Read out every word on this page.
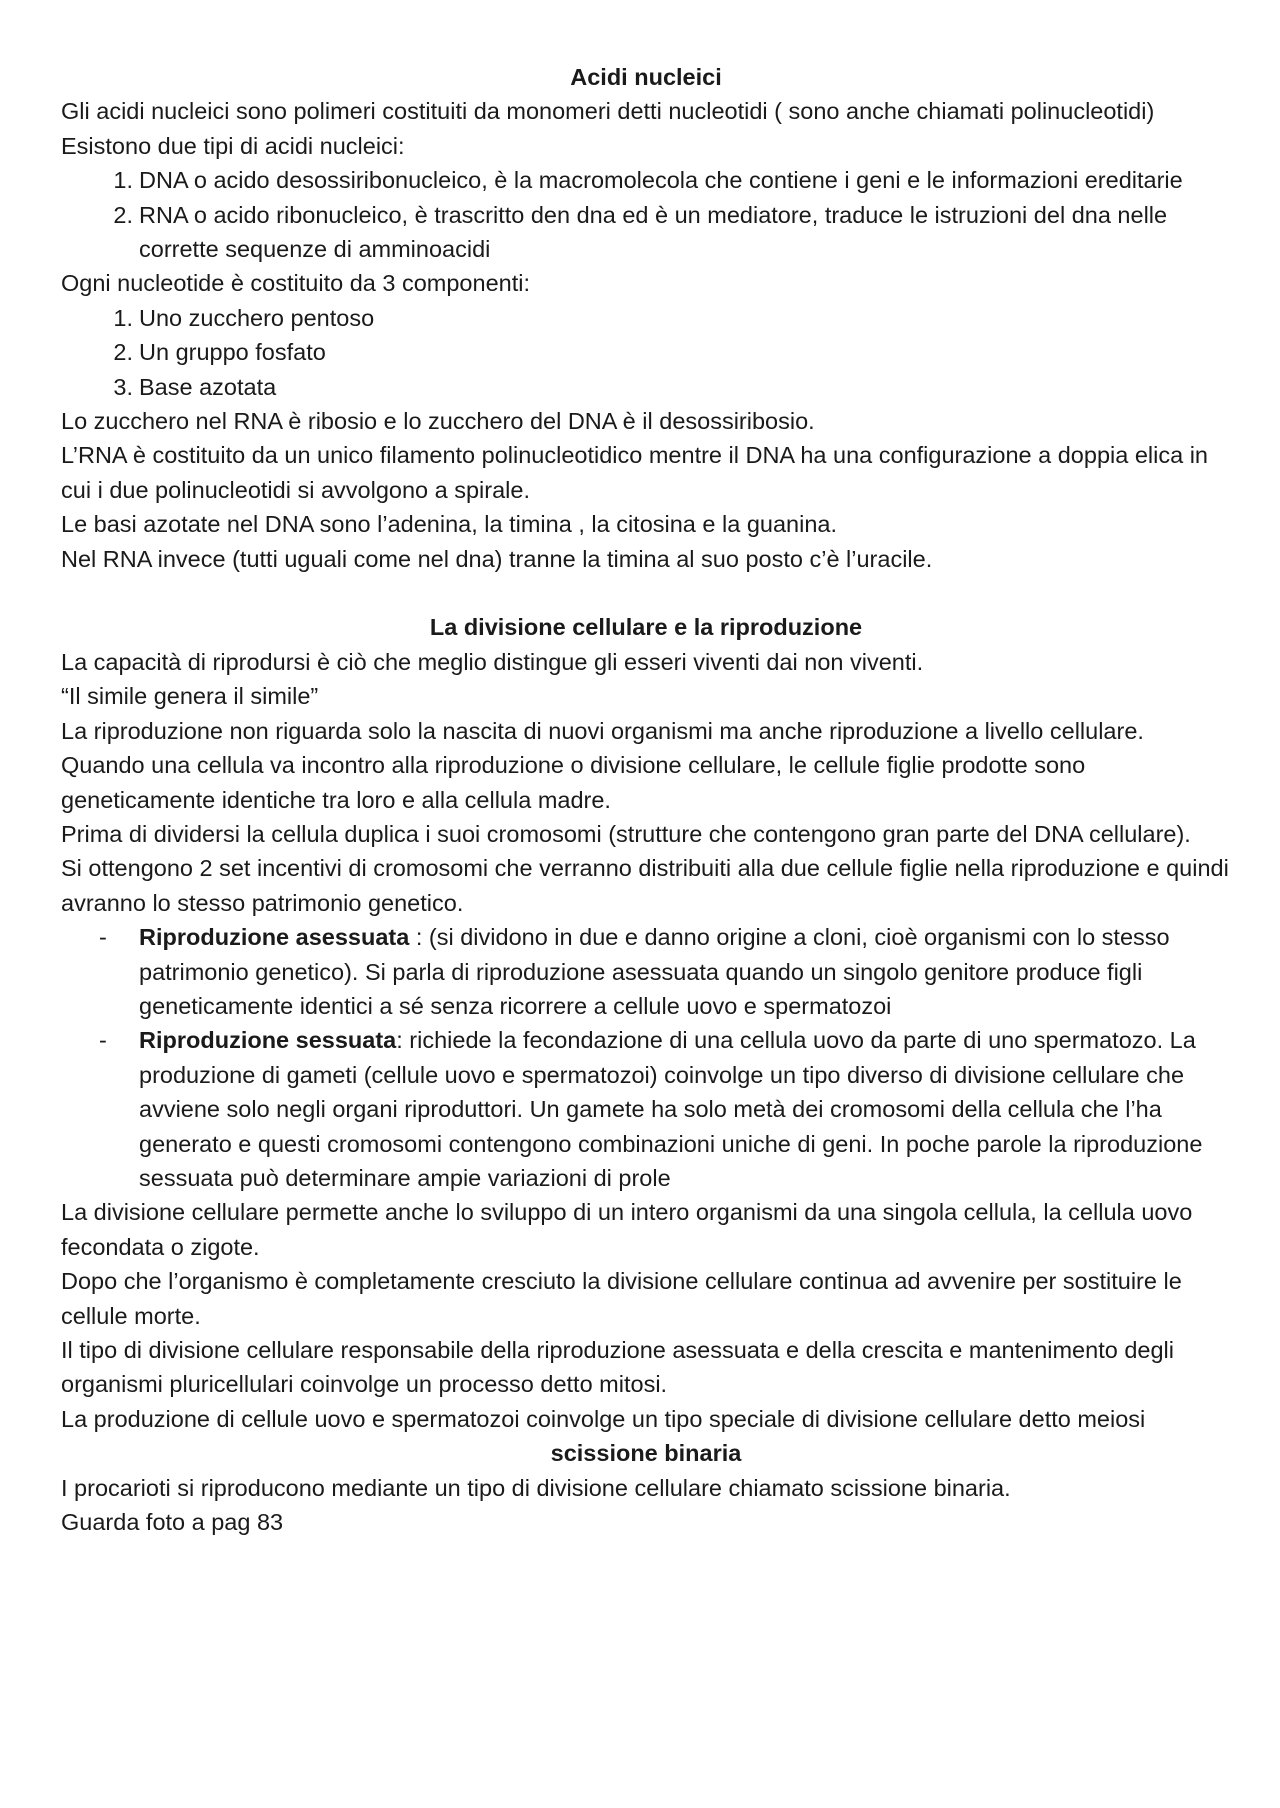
Acidi nucleici

Gli acidi nucleici sono polimeri costituiti da monomeri detti nucleotidi ( sono anche chiamati polinucleotidi)

Esistono due tipi di acidi nucleici:

1. DNA o acido desossiribonucleico, è la macromolecola che contiene i geni e le informazioni ereditarie
2. RNA o acido ribonucleico, è trascritto den dna ed è un mediatore, traduce le istruzioni del dna nelle corrette sequenze di amminoacidi

Ogni nucleotide è costituito da 3 componenti:

1. Uno zucchero pentoso
2. Un gruppo fosfato
3. Base azotata

Lo zucchero nel RNA è ribosio e lo zucchero del DNA è il desossiribosio.

L’RNA è costituito da un unico filamento polinucleotidico mentre il DNA ha una configurazione a doppia elica in cui i due polinucleotidi si avvolgono a spirale.

Le basi azotate nel DNA sono l’adenina, la timina , la citosina e la guanina.

Nel RNA invece (tutti uguali come nel dna) tranne la timina al suo posto c’è l’uracile.

La divisione cellulare e la riproduzione

La capacità di riprodursi è ciò che meglio distingue gli esseri viventi dai non viventi.

“Il simile genera il simile”

La riproduzione non riguarda solo la nascita di nuovi organismi ma anche riproduzione a livello cellulare.

Quando una cellula va incontro alla riproduzione o divisione cellulare, le cellule figlie prodotte sono geneticamente identiche tra loro e alla cellula madre.

Prima di dividersi la cellula duplica i suoi cromosomi (strutture che contengono gran parte del DNA cellulare).

Si ottengono 2 set incentivi di cromosomi che verranno distribuiti alla due cellule figlie nella riproduzione e quindi avranno lo stesso patrimonio genetico.

- Riproduzione asessuata : (si dividono in due e danno origine a cloni, cioè organismi con lo stesso patrimonio genetico). Si parla di riproduzione asessuata quando un singolo genitore produce figli geneticamente identici a sé senza ricorrere a cellule uovo e spermatozoi
- Riproduzione sessuata: richiede la fecondazione di una cellula uovo da parte di uno spermatozo. La produzione di gameti (cellule uovo e spermatozoi) coinvolge un tipo diverso di divisione cellulare che avviene solo negli organi riproduttori. Un gamete ha solo metà dei cromosomi della cellula che l’ha generato e questi cromosomi contengono combinazioni uniche di geni. In poche parole la riproduzione sessuata può determinare ampie variazioni di prole

La divisione cellulare permette anche lo sviluppo di un intero organismi da una singola cellula, la cellula uovo fecondata o zigote.

Dopo che l’organismo è completamente cresciuto la divisione cellulare continua ad avvenire per sostituire le cellule morte.

Il tipo di divisione cellulare responsabile della riproduzione asessuata e della crescita e mantenimento degli organismi pluricellulari coinvolge un processo detto mitosi.

La produzione di cellule uovo e spermatozoi coinvolge un tipo speciale di divisione cellulare detto meiosi

scissione binaria

I procarioti si riproducono mediante un tipo di divisione cellulare chiamato scissione binaria.

Guarda foto a pag 83
